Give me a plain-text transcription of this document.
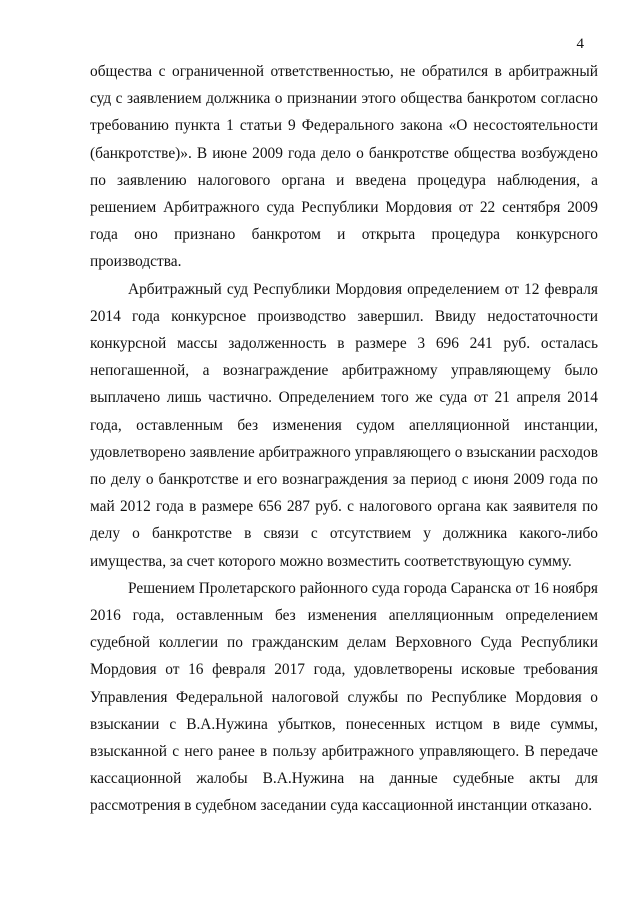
4

общества с ограниченной ответственностью, не обратился в арбитражный суд с заявлением должника о признании этого общества банкротом согласно требованию пункта 1 статьи 9 Федерального закона «О несостоятельности (банкротстве)». В июне 2009 года дело о банкротстве общества возбуждено по заявлению налогового органа и введена процедура наблюдения, а решением Арбитражного суда Республики Мордовия от 22 сентября 2009 года оно признано банкротом и открыта процедура конкурсного производства.

Арбитражный суд Республики Мордовия определением от 12 февраля 2014 года конкурсное производство завершил. Ввиду недостаточности конкурсной массы задолженность в размере 3 696 241 руб. осталась непогашенной, а вознаграждение арбитражному управляющему было выплачено лишь частично. Определением того же суда от 21 апреля 2014 года, оставленным без изменения судом апелляционной инстанции, удовлетворено заявление арбитражного управляющего о взыскании расходов по делу о банкротстве и его вознаграждения за период с июня 2009 года по май 2012 года в размере 656 287 руб. с налогового органа как заявителя по делу о банкротстве в связи с отсутствием у должника какого-либо имущества, за счет которого можно возместить соответствующую сумму.

Решением Пролетарского районного суда города Саранска от 16 ноября 2016 года, оставленным без изменения апелляционным определением судебной коллегии по гражданским делам Верховного Суда Республики Мордовия от 16 февраля 2017 года, удовлетворены исковые требования Управления Федеральной налоговой службы по Республике Мордовия о взыскании с В.А.Нужина убытков, понесенных истцом в виде суммы, взысканной с него ранее в пользу арбитражного управляющего. В передаче кассационной жалобы В.А.Нужина на данные судебные акты для рассмотрения в судебном заседании суда кассационной инстанции отказано.
